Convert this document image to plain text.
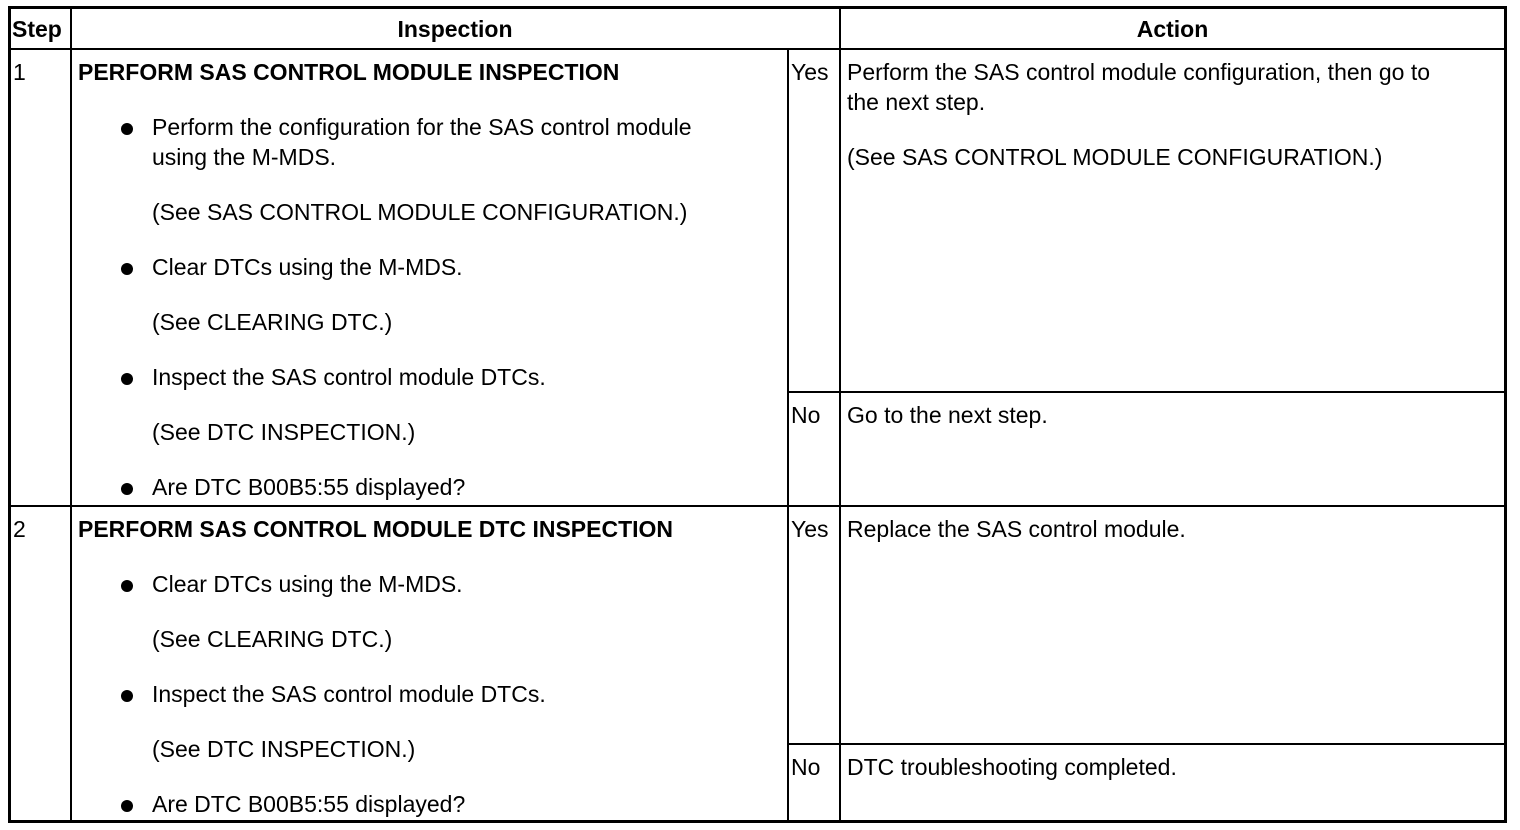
Step	Inspection	Action
1 PERFORM SAS CONTROL MODULE INSPECTION
Perform the configuration for the SAS control module
using the M-MDS.
(See SAS CONTROL MODULE CONFIGURATION.)
Clear DTCs using the M-MDS.
(See CLEARING DTC.)
Inspect the SAS control module DTCs.
(See DTC INSPECTION.)
Are DTC B00B5:55 displayed?
Yes Perform the SAS control module configuration, then go to
the next step.
(See SAS CONTROL MODULE CONFIGURATION.)
No Go to the next step.
2 PERFORM SAS CONTROL MODULE DTC INSPECTION
Clear DTCs using the M-MDS.
(See CLEARING DTC.)
Inspect the SAS control module DTCs.
(See DTC INSPECTION.)
Are DTC B00B5:55 displayed?
Yes Replace the SAS control module.
No DTC troubleshooting completed.
